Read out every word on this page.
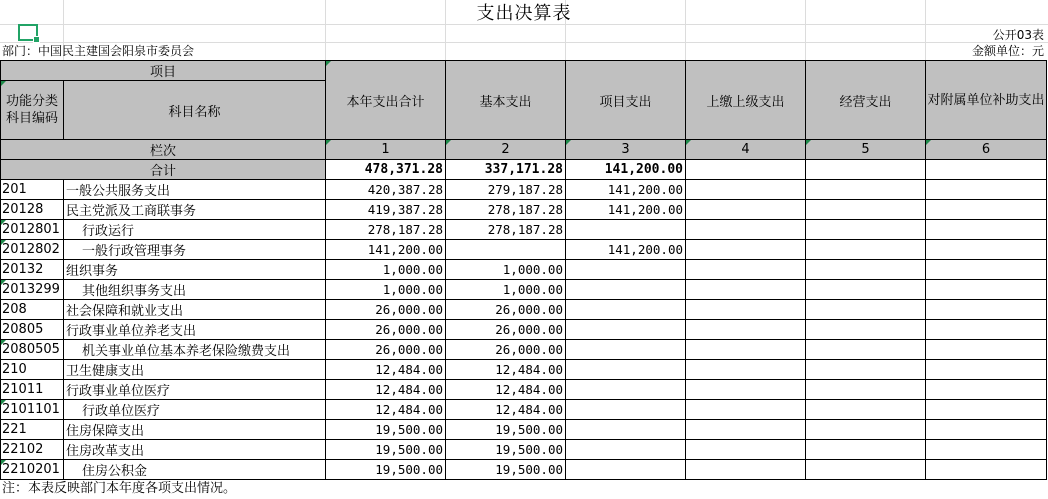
支出决算表
公开03表
部门：中国民主建国会阳泉市委员会	金额单位：元
项目		本年支出合计	基本支出	项目支出	上缴上级支出	经营支出	对附属单位补助支出
功能分类科目编码	科目名称						

栏次		1	2	3	4	5	6
合计		478,371.28	337,171.28	141,200.00			
201	一般公共服务支出	420,387.28	279,187.28	141,200.00			
20128	民主党派及工商联事务	419,387.28	278,187.28	141,200.00			
2012801	行政运行	278,187.28	278,187.28				
2012802	一般行政管理事务	141,200.00		141,200.00			
20132	组织事务	1,000.00	1,000.00				
2013299	其他组织事务支出	1,000.00	1,000.00				
208	社会保障和就业支出	26,000.00	26,000.00				
20805	行政事业单位养老支出	26,000.00	26,000.00				
2080505	机关事业单位基本养老保险缴费支出	26,000.00	26,000.00				
210	卫生健康支出	12,484.00	12,484.00				
21011	行政事业单位医疗	12,484.00	12,484.00				
2101101	行政单位医疗	12,484.00	12,484.00				
221	住房保障支出	19,500.00	19,500.00				
22102	住房改革支出	19,500.00	19,500.00				
2210201	住房公积金	19,500.00	19,500.00				
注：本表反映部门本年度各项支出情况。
